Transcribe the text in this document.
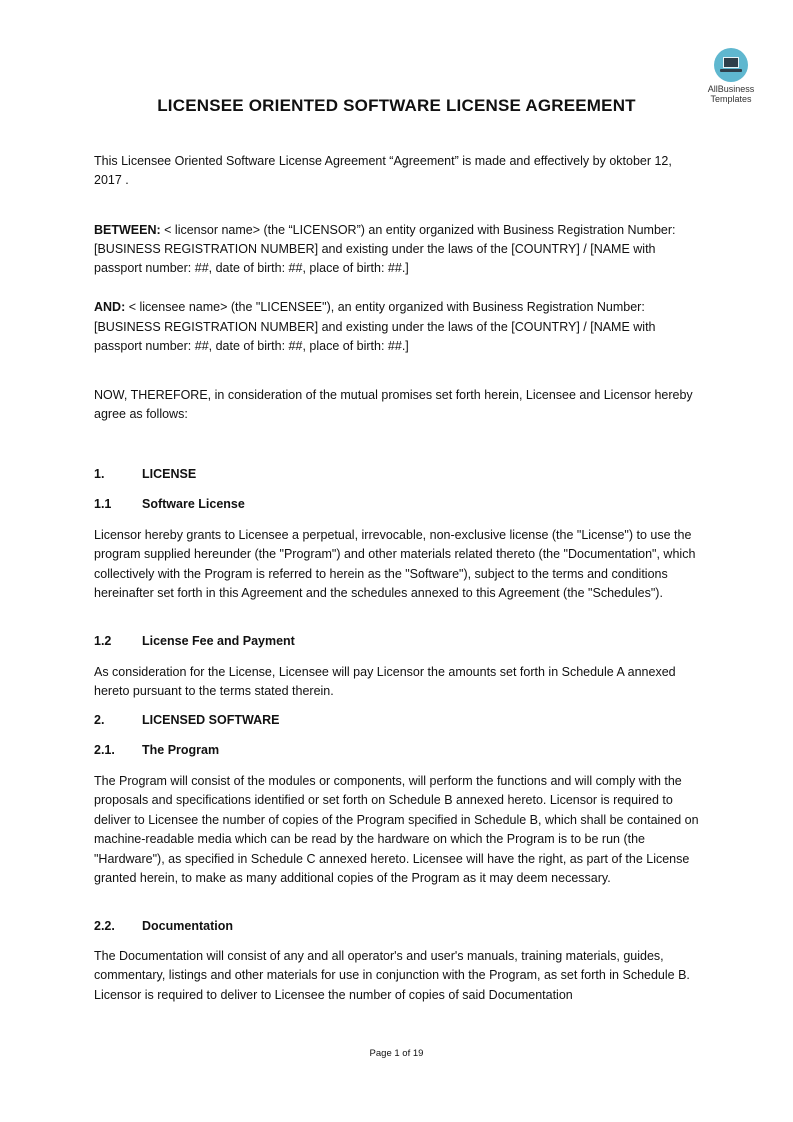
AllBusiness
Templates
LICENSEE ORIENTED SOFTWARE LICENSE AGREEMENT

This Licensee Oriented Software License Agreement “Agreement” is made and effectively by oktober 12, 2017 .

BETWEEN: < licensor name> (the “LICENSOR”) an entity organized with Business Registration Number: [BUSINESS REGISTRATION NUMBER] and existing under the laws of the [COUNTRY] / [NAME with passport number: ##, date of birth: ##, place of birth: ##.]

AND: < licensee name> (the "LICENSEE"), an entity organized with Business Registration Number: [BUSINESS REGISTRATION NUMBER] and existing under the laws of the [COUNTRY] / [NAME with passport number: ##, date of birth: ##, place of birth: ##.]

NOW, THEREFORE, in consideration of the mutual promises set forth herein, Licensee and Licensor hereby agree as follows:

1.	LICENSE
1.1 Software License

Licensor hereby grants to Licensee a perpetual, irrevocable, non-exclusive license (the "License") to use the program supplied hereunder (the "Program") and other materials related thereto (the "Documentation", which collectively with the Program is referred to herein as the "Software"), subject to the terms and conditions hereinafter set forth in this Agreement and the schedules annexed to this Agreement (the "Schedules").

1.2 License Fee and Payment

As consideration for the License, Licensee will pay Licensor the amounts set forth in Schedule A annexed hereto pursuant to the terms stated therein.

2.	LICENSED SOFTWARE
2.1. The Program

The Program will consist of the modules or components, will perform the functions and will comply with the proposals and specifications identified or set forth on Schedule B annexed hereto. Licensor is required to deliver to Licensee the number of copies of the Program specified in Schedule B, which shall be contained on machine-readable media which can be read by the hardware on which the Program is to be run (the "Hardware"), as specified in Schedule C annexed hereto. Licensee will have the right, as part of the License granted herein, to make as many additional copies of the Program as it may deem necessary.

2.2. Documentation

The Documentation will consist of any and all operator's and user's manuals, training materials, guides, commentary, listings and other materials for use in conjunction with the Program, as set forth in Schedule B. Licensor is required to deliver to Licensee the number of copies of said Documentation

Page 1 of 19
